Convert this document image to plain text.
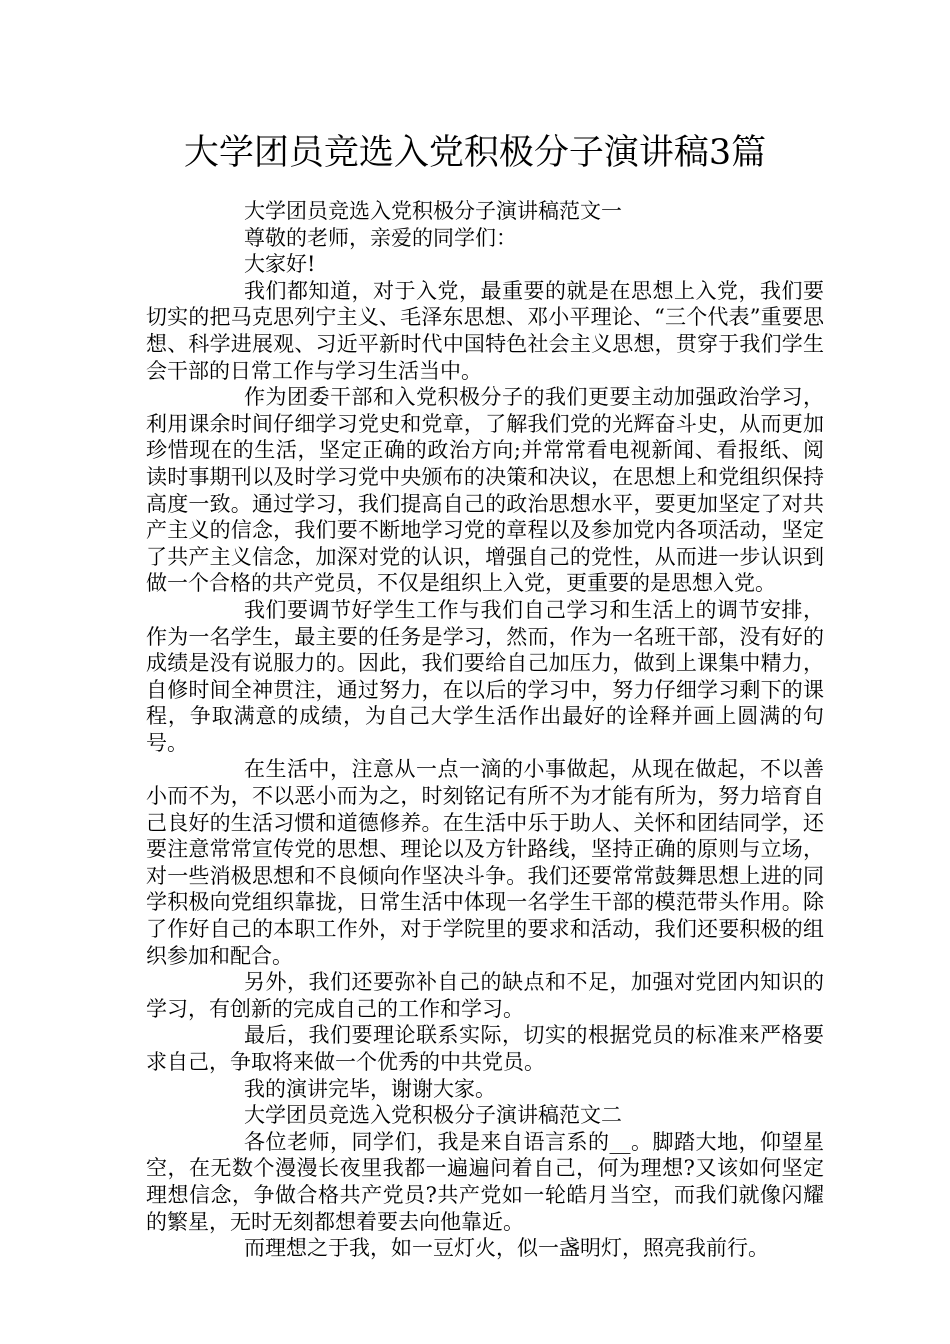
大学团员竞选入党积极分子演讲稿3篇

大学团员竞选入党积极分子演讲稿范文一

尊敬的老师，亲爱的同学们：

大家好!

我们都知道，对于入党，最重要的就是在思想上入党，我们要切实的把马克思列宁主义、毛泽东思想、邓小平理论、“三个代表”重要思想、科学进展观、习近平新时代中国特色社会主义思想，贯穿于我们学生会干部的日常工作与学习生活当中。

作为团委干部和入党积极分子的我们更要主动加强政治学习，利用课余时间仔细学习党史和党章，了解我们党的光辉奋斗史，从而更加珍惜现在的生活，坚定正确的政治方向;并常常看电视新闻、看报纸、阅读时事期刊以及时学习党中央颁布的决策和决议，在思想上和党组织保持高度一致。通过学习，我们提高自己的政治思想水平，要更加坚定了对共产主义的信念，我们要不断地学习党的章程以及参加党内各项活动，坚定了共产主义信念，加深对党的认识，增强自己的党性，从而进一步认识到做一个合格的共产党员，不仅是组织上入党，更重要的是思想入党。

我们要调节好学生工作与我们自己学习和生活上的调节安排，作为一名学生，最主要的任务是学习，然而，作为一名班干部，没有好的成绩是没有说服力的。因此，我们要给自己加压力，做到上课集中精力，自修时间全神贯注，通过努力，在以后的学习中，努力仔细学习剩下的课程，争取满意的成绩，为自己大学生活作出最好的诠释并画上圆满的句号。

在生活中，注意从一点一滴的小事做起，从现在做起，不以善小而不为，不以恶小而为之，时刻铭记有所不为才能有所为，努力培育自己良好的生活习惯和道德修养。在生活中乐于助人、关怀和团结同学，还要注意常常宣传党的思想、理论以及方针路线，坚持正确的原则与立场，对一些消极思想和不良倾向作坚决斗争。我们还要常常鼓舞思想上进的同学积极向党组织靠拢，日常生活中体现一名学生干部的模范带头作用。除了作好自己的本职工作外，对于学院里的要求和活动，我们还要积极的组织参加和配合。

另外，我们还要弥补自己的缺点和不足，加强对党团内知识的学习，有创新的完成自己的工作和学习。

最后，我们要理论联系实际，切实的根据党员的标准来严格要求自己，争取将来做一个优秀的中共党员。

我的演讲完毕，谢谢大家。

大学团员竞选入党积极分子演讲稿范文二

各位老师，同学们，我是来自语言系的__。脚踏大地，仰望星空，在无数个漫漫长夜里我都一遍遍问着自己，何为理想?又该如何坚定理想信念，争做合格共产党员?共产党如一轮皓月当空，而我们就像闪耀的繁星，无时无刻都想着要去向他靠近。

而理想之于我，如一豆灯火，似一盏明灯，照亮我前行。
